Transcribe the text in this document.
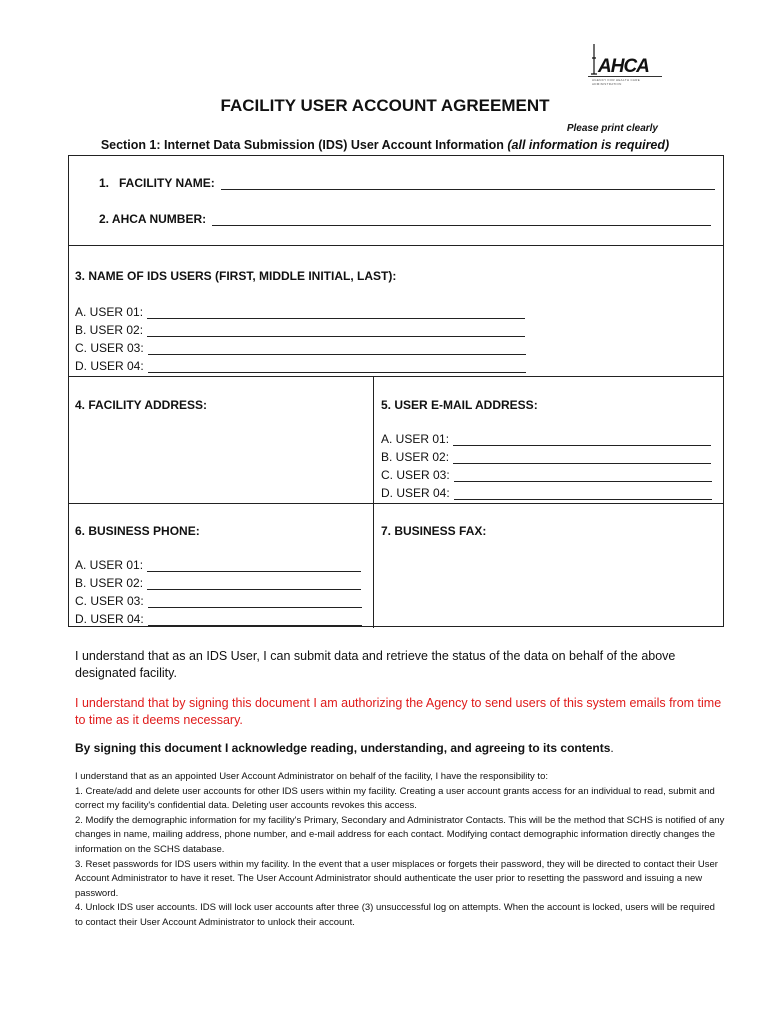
AHCA
AGENCY FOR HEALTH CARE ADMINISTRATION
FACILITY USER ACCOUNT AGREEMENT
Please print clearly
Section 1: Internet Data Submission (IDS) User Account Information (all information is required)
1. FACILITY NAME:
2. AHCA NUMBER:
3. NAME OF IDS USERS (FIRST, MIDDLE INITIAL, LAST):
A. USER 01:
B. USER 02:
C. USER 03:
D. USER 04:
4. FACILITY ADDRESS:	5. USER E-MAIL ADDRESS:
A. USER 01:
B. USER 02:
C. USER 03:
D. USER 04:
6. BUSINESS PHONE:	7. BUSINESS FAX:
A. USER 01:
B. USER 02:
C. USER 03:
D. USER 04:
I understand that as an IDS User, I can submit data and retrieve the status of the data on behalf of the above designated facility.
I understand that by signing this document I am authorizing the Agency to send users of this system emails from time to time as it deems necessary.
By signing this document I acknowledge reading, understanding, and agreeing to its contents.

I understand that as an appointed User Account Administrator on behalf of the facility, I have the responsibility to:

1. Create/add and delete user accounts for other IDS users within my facility. Creating a user account grants access for an individual to read, submit and correct my facility's confidential data. Deleting user accounts revokes this access.

2. Modify the demographic information for my facility's Primary, Secondary and Administrator Contacts. This will be the method that SCHS is notified of any changes in name, mailing address, phone number, and e-mail address for each contact. Modifying contact demographic information directly changes the information on the SCHS database.

3. Reset passwords for IDS users within my facility. In the event that a user misplaces or forgets their password, they will be directed to contact their User Account Administrator to have it reset. The User Account Administrator should authenticate the user prior to resetting the password and issuing a new password.

4. Unlock IDS user accounts. IDS will lock user accounts after three (3) unsuccessful log on attempts. When the account is locked, users will be required to contact their User Account Administrator to unlock their account.
